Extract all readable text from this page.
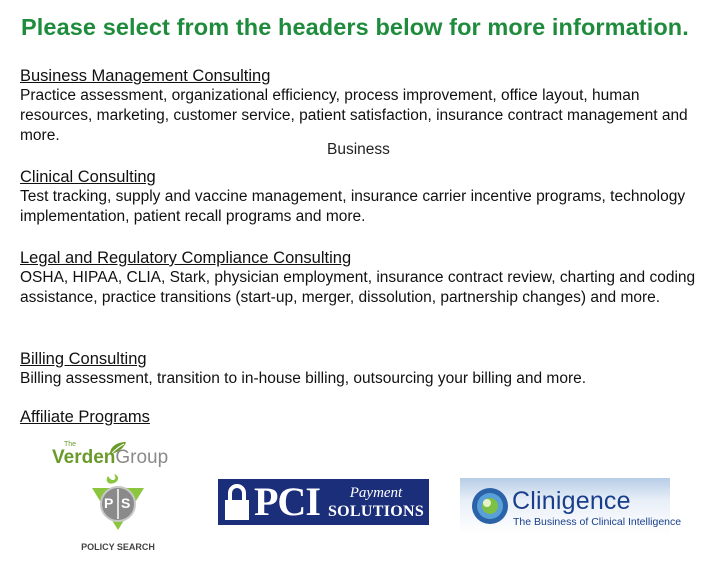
Please select from the headers below for more information.
Business Management Consulting

Practice assessment, organizational efficiency, process improvement, office layout, human resources, marketing, customer service, patient satisfaction, insurance contract management and more.

Business
Clinical Consulting

Test tracking, supply and vaccine management, insurance carrier incentive programs, technology implementation, patient recall programs and more.

Legal and Regulatory Compliance Consulting

OSHA, HIPAA, CLIA, Stark, physician employment, insurance contract review, charting and coding assistance, practice transitions (start-up, merger, dissolution, partnership changes) and more.

Billing Consulting

Billing assessment, transition to in-house billing, outsourcing your billing and more.

Affiliate Programs
The
VerdenGroup
P S
POLICY SEARCH
PCI	Payment
SOLUTIONS	Clinigence
The Business of Clinical Intelligence
